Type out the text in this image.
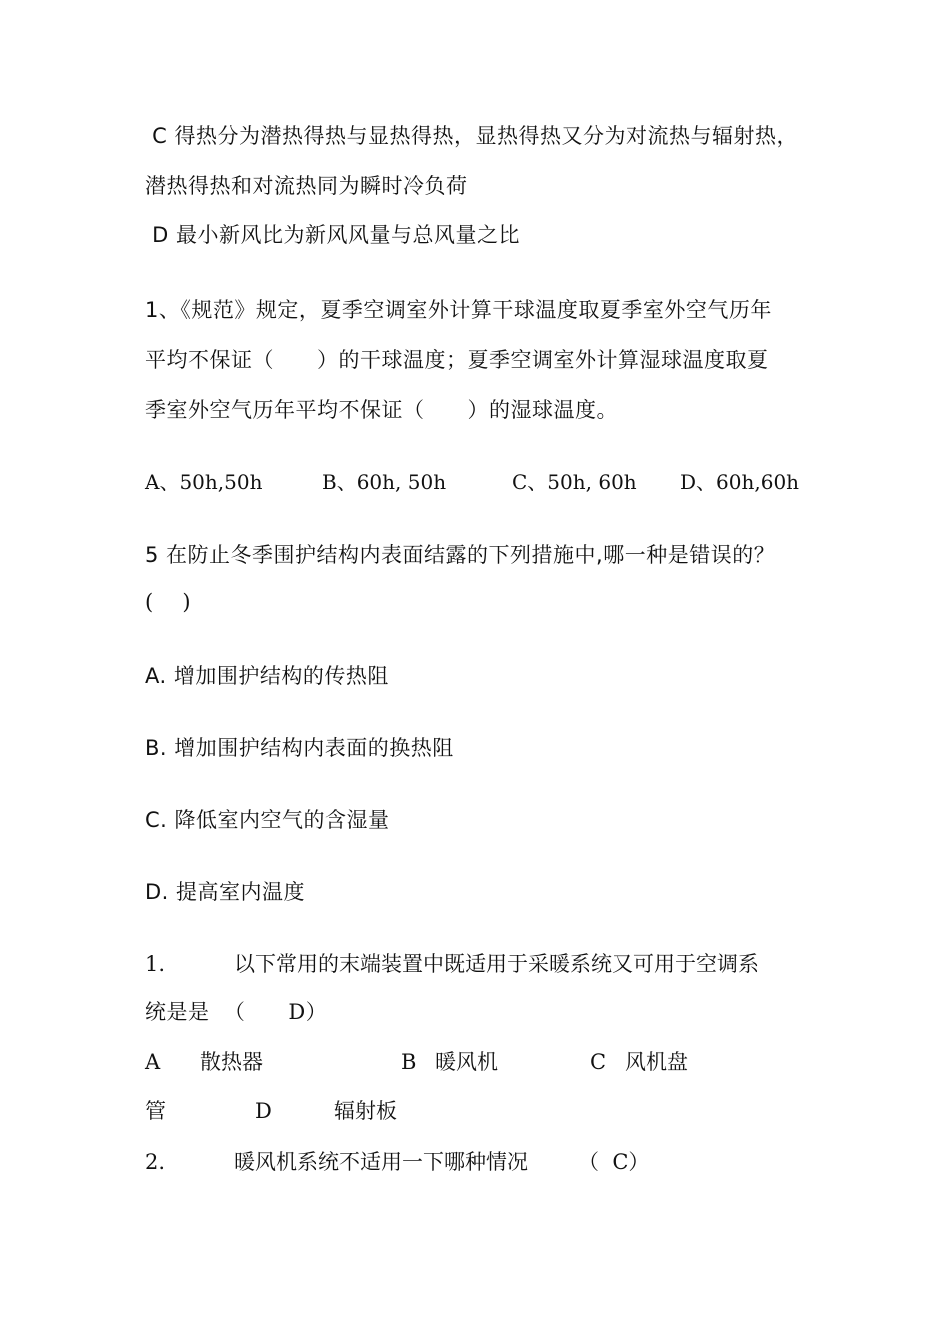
C 得热分为潜热得热与显热得热，显热得热又分为对流热与辐射热，
潜热得热和对流热同为瞬时冷负荷
D 最小新风比为新风风量与总风量之比
1、《规范》规定，夏季空调室外计算干球温度取夏季室外空气历年
平均不保证（      ）的干球温度；夏季空调室外计算湿球温度取夏
季室外空气历年平均不保证（      ）的湿球温度。
A、50h,50h	B、60h, 50h	C、50h, 60h D、60h,60h
5 在防止冬季围护结构内表面结露的下列措施中,哪一种是错误的？
(    )
A. 增加围护结构的传热阻
B. 增加围护结构内表面的换热阻
C. 降低室内空气的含湿量
D. 提高室内温度
1.	以下常用的末端装置中既适用于采暖系统又可用于空调系
统是是  （      D）
A 散热器	B 暖风机	C 风机盘
管	D	辐射板
2.	暖风机系统不适用一下哪种情况 （  C）
